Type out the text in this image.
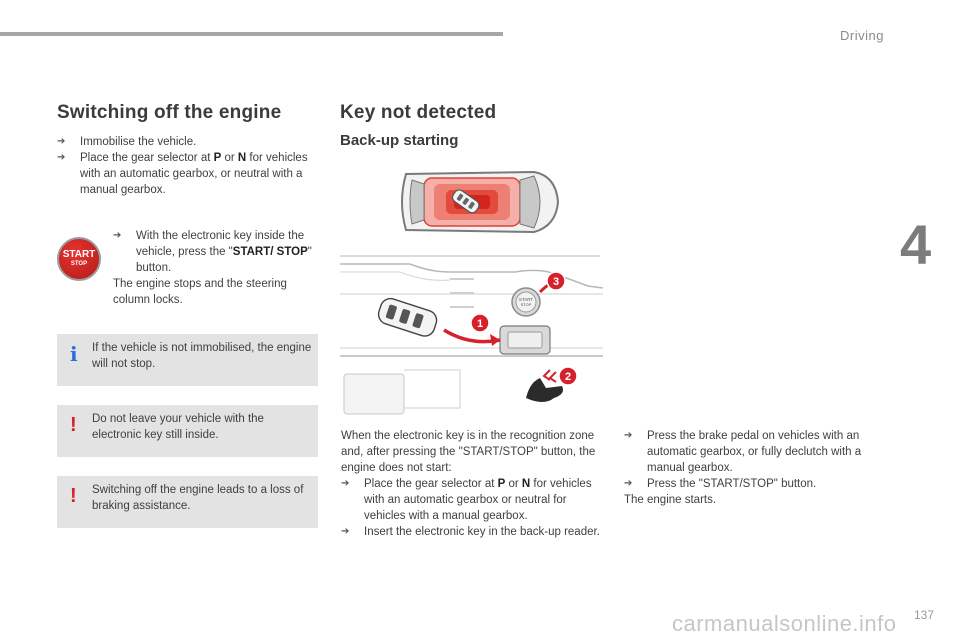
Driving
4
carmanualsonline.info 137
Switching off the engine
➔ Immobilise the vehicle.
➔ Place the gear selector at P or N for vehicles with an automatic gearbox, or neutral with a manual gearbox.
START
STOP
➔ With the electronic key inside the vehicle, press the "START/ STOP" button.
The engine stops and the steering column locks.
i If the vehicle is not immobilised, the engine will not stop.
! Do not leave your vehicle with the electronic key still inside.
! Switching off the engine leads to a loss of braking assistance.
Key not detected
Back-up starting
START
STOP
1
3
2
When the electronic key is in the recognition zone and, after pressing the "START/STOP" button, the engine does not start:
➔ Place the gear selector at P or N for vehicles with an automatic gearbox or neutral for vehicles with a manual gearbox.
➔ Insert the electronic key in the back-up reader.
➔ Press the brake pedal on vehicles with an automatic gearbox, or fully declutch with a manual gearbox.
➔ Press the "START/STOP" button.
The engine starts.
